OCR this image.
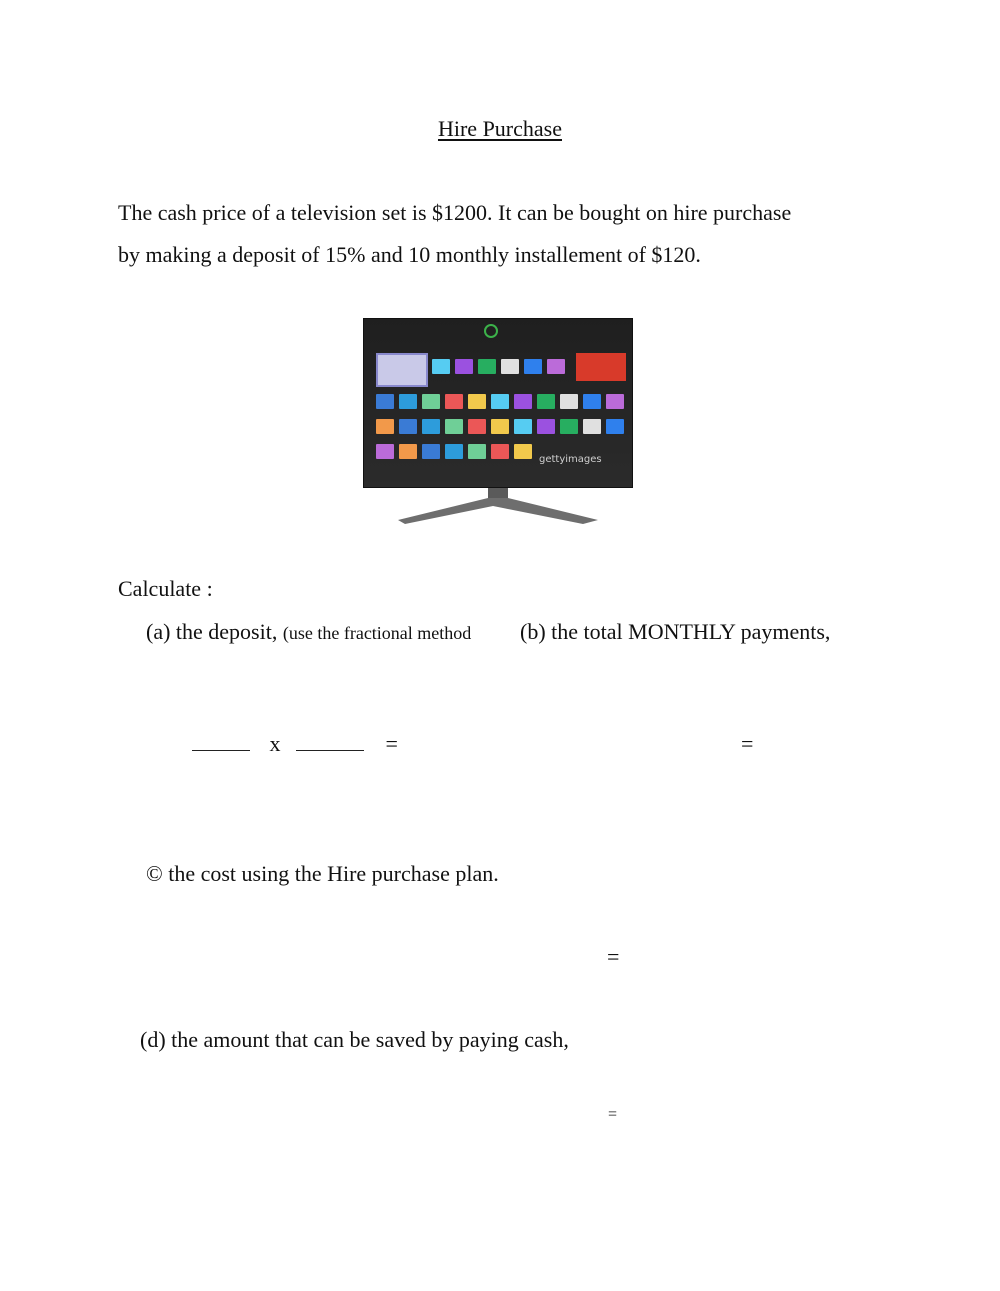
Hire Purchase
The cash price of a television set is $1200. It can be bought on hire purchase
by making a deposit of 15% and 10 monthly installement of $120.
gettyimages
Calculate :
(a) the deposit, (use the fractional method (b) the total MONTHLY payments,
x	=	=
© the cost using the Hire purchase plan.
=
(d) the amount that can be saved by paying cash,
=
